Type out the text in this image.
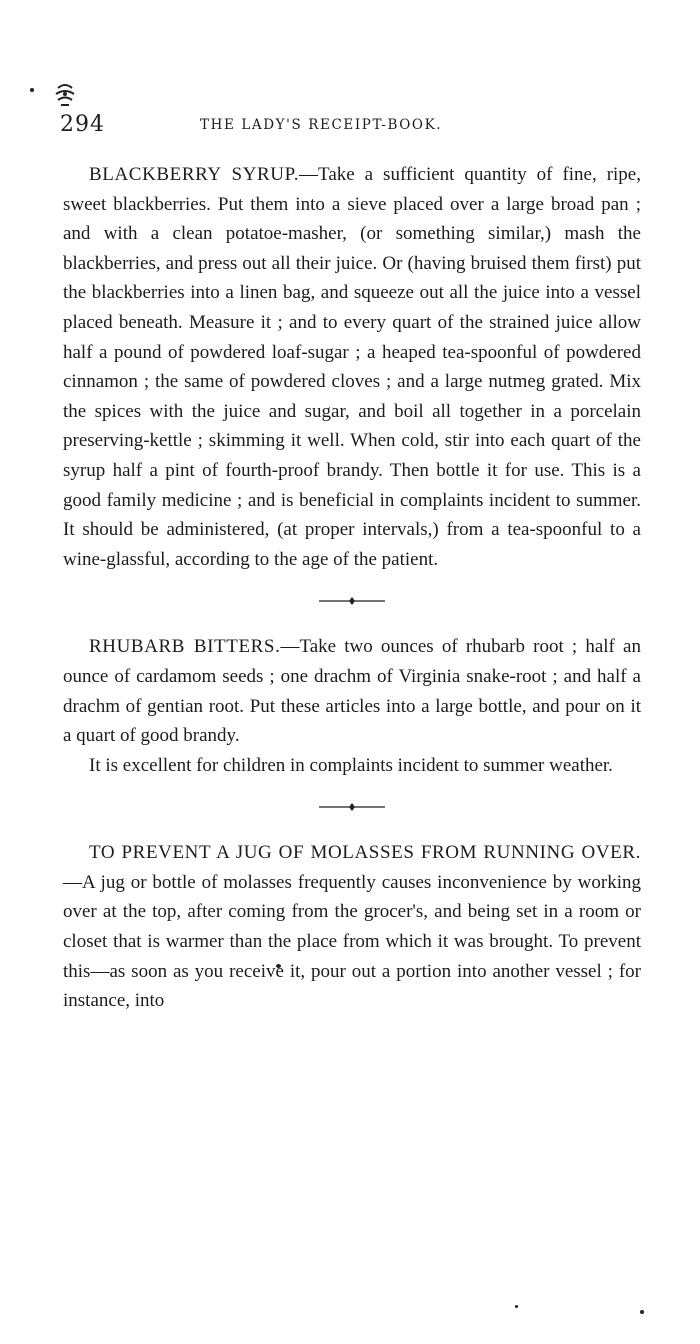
294	THE LADY'S RECEIPT-BOOK.

BLACKBERRY SYRUP.—Take a sufficient quantity of fine, ripe, sweet blackberries. Put them into a sieve placed over a large broad pan ; and with a clean potatoe-masher, (or something similar,) mash the blackberries, and press out all their juice. Or (having bruised them first) put the blackberries into a linen bag, and squeeze out all the juice into a vessel placed beneath. Measure it ; and to every quart of the strained juice allow half a pound of powdered loaf-sugar ; a heaped tea-spoonful of powdered cinnamon ; the same of powdered cloves ; and a large nutmeg grated. Mix the spices with the juice and sugar, and boil all together in a porcelain preserving-kettle ; skimming it well. When cold, stir into each quart of the syrup half a pint of fourth-proof brandy. Then bottle it for use. This is a good family medicine ; and is beneficial in complaints incident to summer. It should be administered, (at proper intervals,) from a tea-spoonful to a wine-glassful, according to the age of the patient.

RHUBARB BITTERS.—Take two ounces of rhubarb root ; half an ounce of cardamom seeds ; one drachm of Virginia snake-root ; and half a drachm of gentian root. Put these articles into a large bottle, and pour on it a quart of good brandy.

It is excellent for children in complaints incident to summer weather.

TO PREVENT A JUG OF MOLASSES FROM RUNNING OVER.—A jug or bottle of molasses frequently causes inconvenience by working over at the top, after coming from the grocer's, and being set in a room or closet that is warmer than the place from which it was brought. To prevent this—as soon as you receive it, pour out a portion into another vessel ; for instance, into
